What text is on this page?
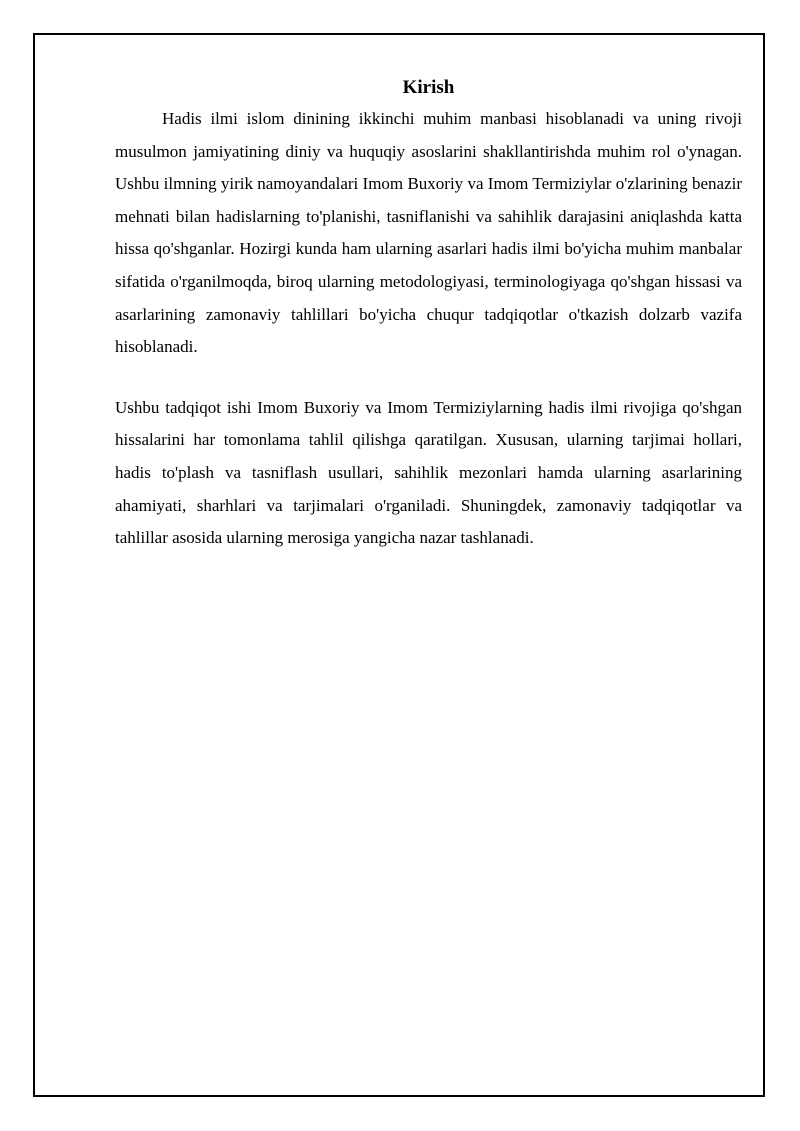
Kirish

Hadis ilmi islom dinining ikkinchi muhim manbasi hisoblanadi va uning rivoji musulmon jamiyatining diniy va huquqiy asoslarini shakllantirishda muhim rol o'ynagan. Ushbu ilmning yirik namoyandalari Imom Buxoriy va Imom Termiziylar o'zlarining benazir mehnati bilan hadislarning to'planishi, tasniflanishi va sahihlik darajasini aniqlashda katta hissa qo'shganlar. Hozirgi kunda ham ularning asarlari hadis ilmi bo'yicha muhim manbalar sifatida o'rganilmoqda, biroq ularning metodologiyasi, terminologiyaga qo'shgan hissasi va asarlarining zamonaviy tahlillari bo'yicha chuqur tadqiqotlar o'tkazish dolzarb vazifa hisoblanadi.

Ushbu tadqiqot ishi Imom Buxoriy va Imom Termiziylarning hadis ilmi rivojiga qo'shgan hissalarini har tomonlama tahlil qilishga qaratilgan. Xususan, ularning tarjimai hollari, hadis to'plash va tasniflash usullari, sahihlik mezonlari hamda ularning asarlarining ahamiyati, sharhlari va tarjimalari o'rganiladi. Shuningdek, zamonaviy tadqiqotlar va tahlillar asosida ularning merosiga yangicha nazar tashlanadi.
